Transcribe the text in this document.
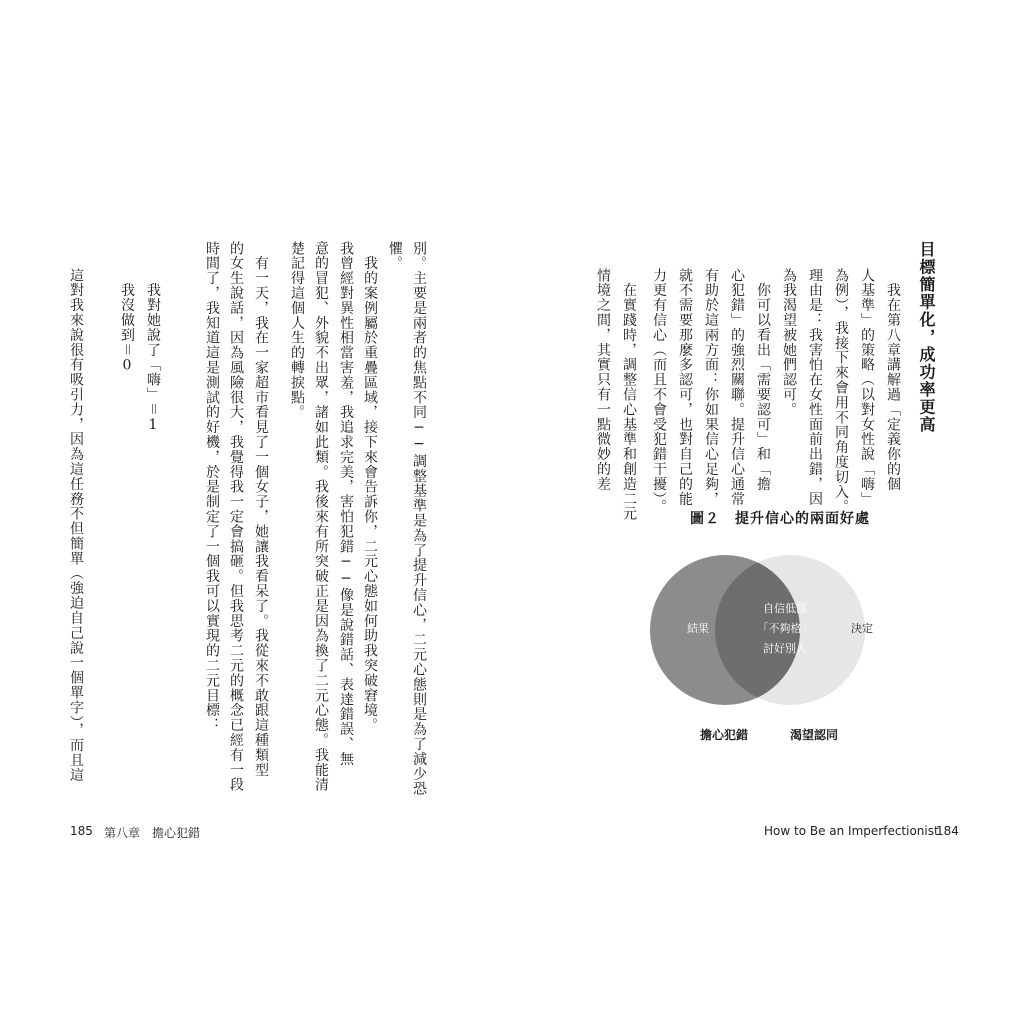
別。主要是兩者的焦點不同──調整基準是為了提升信心，二元心態則是為了減少恐
懼。
　我的案例屬於重疊區域，接下來會告訴你，二元心態如何助我突破窘境。
我曾經對異性相當害羞，我追求完美，害怕犯錯──像是說錯話、表達錯誤、無
意的冒犯、外貌不出眾，諸如此類。我後來有所突破正是因為換了二元心態。我能清
楚記得這個人生的轉捩點。
　有一天，我在一家超市看見了一個女子，她讓我看呆了。我從來不敢跟這種類型
的女生說話，因為風險很大，我覺得我一定會搞砸。但我思考二元的概念已經有一段
時間了，我知道這是測試的好機，於是制定了一個我可以實現的二元目標：
　我對她說了「嗨」＝1
　我沒做到＝0
這對我來說很有吸引力，因為這任務不但簡單（強迫自己說一個單字），而且這	目標簡單化，成功率更高
　我在第八章講解過「定義你的個
人基準」的策略（以對女性說「嗨」
為例），我接下來會用不同角度切入。
理由是：我害怕在女性面前出錯，因
為我渴望被她們認可。
　你可以看出「需要認可」和「擔
心犯錯」的強烈關聯。提升信心通常
有助於這兩方面：你如果信心足夠，
就不需要那麼多認可，也對自己的能
力更有信心（而且不會受犯錯干擾）。
　在實踐時，調整信心基準和創造二元
情境之間，其實只有一點微妙的差
圖２　提升信心的兩面好處
結果
自信低落
「不夠格」
討好別人
決定
擔心犯錯	渴望認同
185 第八章　擔心犯錯	How to Be an Imperfectionist
184
